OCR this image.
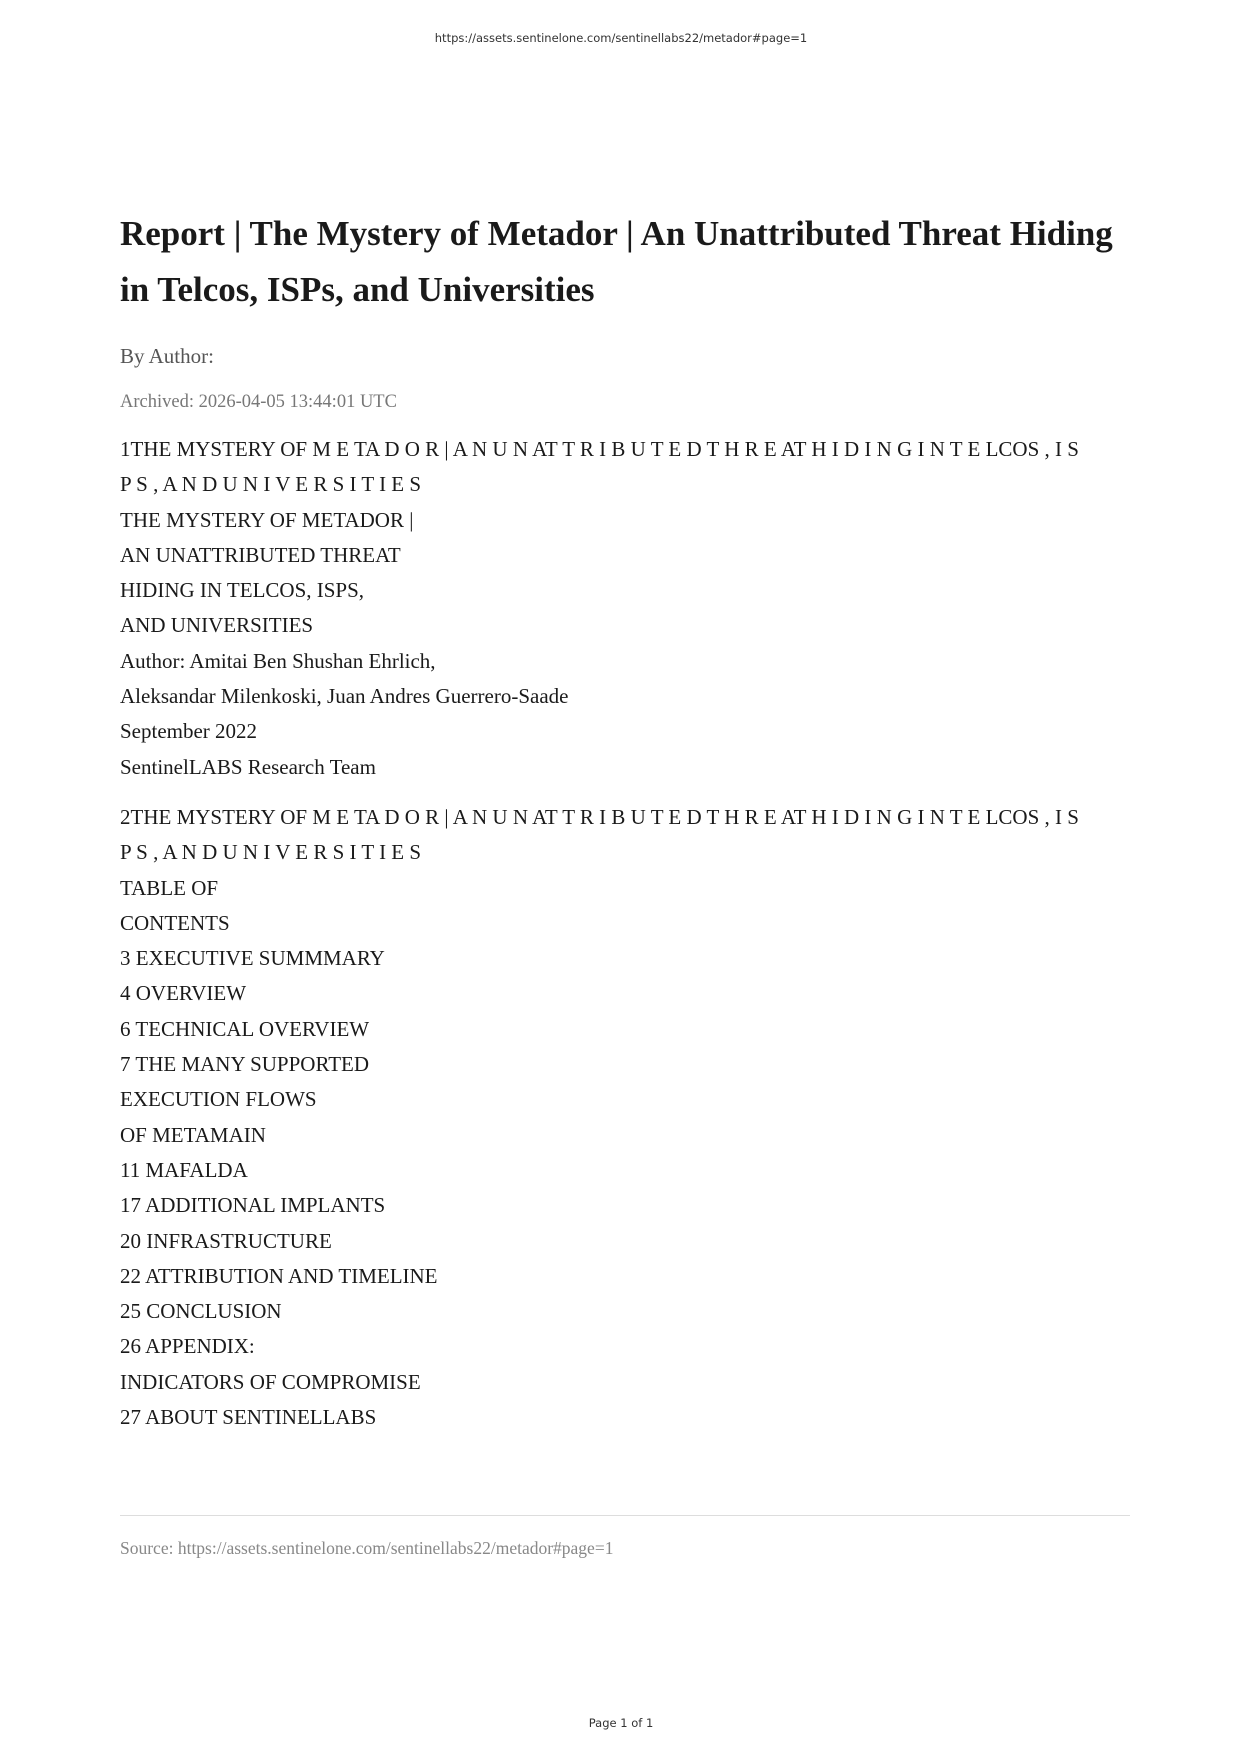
https://assets.sentinelone.com/sentinellabs22/metador#page=1
Report | The Mystery of Metador | An Unattributed Threat Hiding in Telcos, ISPs, and Universities
By Author:
Archived: 2026-04-05 13:44:01 UTC
1THE MYSTERY OF M E TA D O R | A N U N AT T R I B U T E D T H R E AT H I D I N G I N T E LCOS , I S
P S , A N D U N I V E R S I T I E S
THE MYSTERY OF METADOR |
AN UNATTRIBUTED THREAT
HIDING IN TELCOS, ISPS,
AND UNIVERSITIES
Author: Amitai Ben Shushan Ehrlich,
Aleksandar Milenkoski, Juan Andres Guerrero-Saade
September 2022
SentinelLABS Research Team
2THE MYSTERY OF M E TA D O R | A N U N AT T R I B U T E D T H R E AT H I D I N G I N T E LCOS , I S
P S , A N D U N I V E R S I T I E S
TABLE OF
CONTENTS
3 EXECUTIVE SUMMMARY
4 OVERVIEW
6 TECHNICAL OVERVIEW
7 THE MANY SUPPORTED
EXECUTION FLOWS
OF METAMAIN
11 MAFALDA
17 ADDITIONAL IMPLANTS
20 INFRASTRUCTURE
22 ATTRIBUTION AND TIMELINE
25 CONCLUSION
26 APPENDIX:
INDICATORS OF COMPROMISE
27 ABOUT SENTINELLABS
Source: https://assets.sentinelone.com/sentinellabs22/metador#page=1
Page 1 of 1
